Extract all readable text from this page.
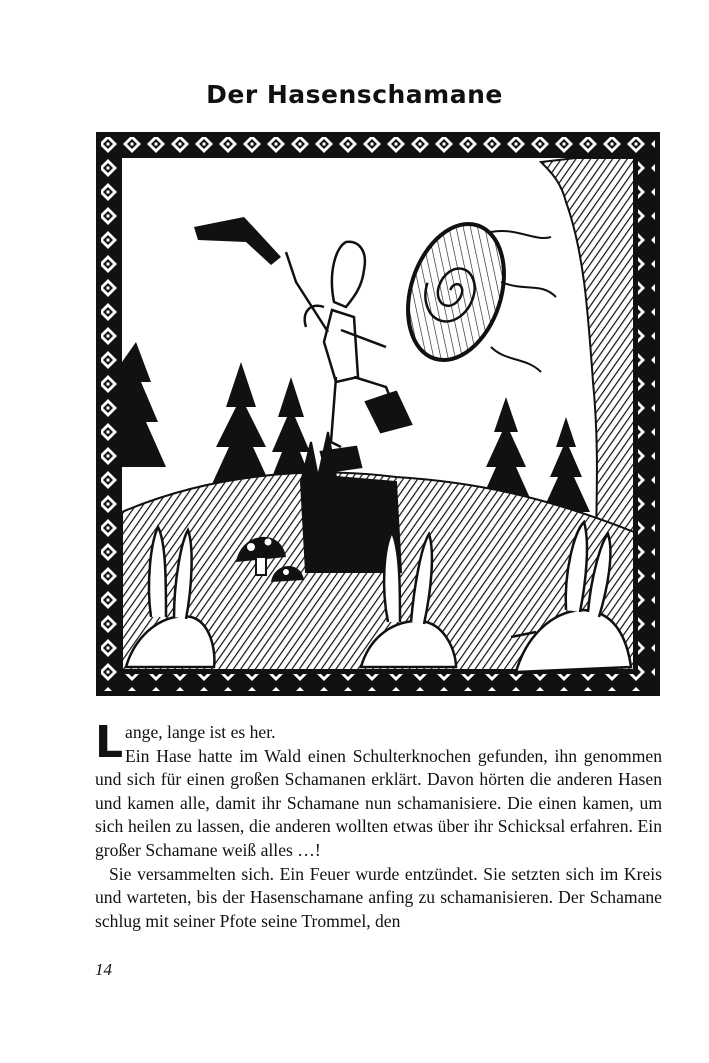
Der Hasenschamane

Lange, lange ist es her.
Ein Hase hatte im Wald einen Schulterknochen gefunden, ihn genommen und sich für einen großen Schamanen erklärt. Davon hörten die anderen Hasen und kamen alle, damit ihr Schamane nun schamanisiere. Die einen kamen, um sich heilen zu lassen, die anderen wollten etwas über ihr Schicksal erfahren. Ein großer Schamane weiß alles …!

Sie versammelten sich. Ein Feuer wurde entzündet. Sie setzten sich im Kreis und warteten, bis der Hasenschamane anfing zu schamanisieren. Der Schamane schlug mit seiner Pfote seine Trommel, den

14
